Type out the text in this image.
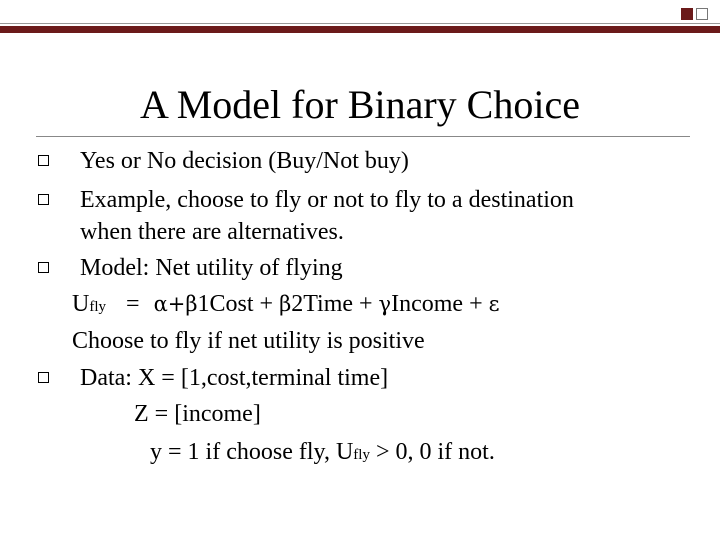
A Model for Binary Choice
Yes or No decision (Buy/Not buy)
Example, choose to fly or not to fly to a destination
when there are alternatives.
Model: Net utility of flying
Ufly = α+β1Cost + β2Time + γIncome + ε
Choose to fly if net utility is positive
Data: X = [1,cost,terminal time]
Z = [income]
y = 1 if choose fly, Ufly > 0, 0 if not.
